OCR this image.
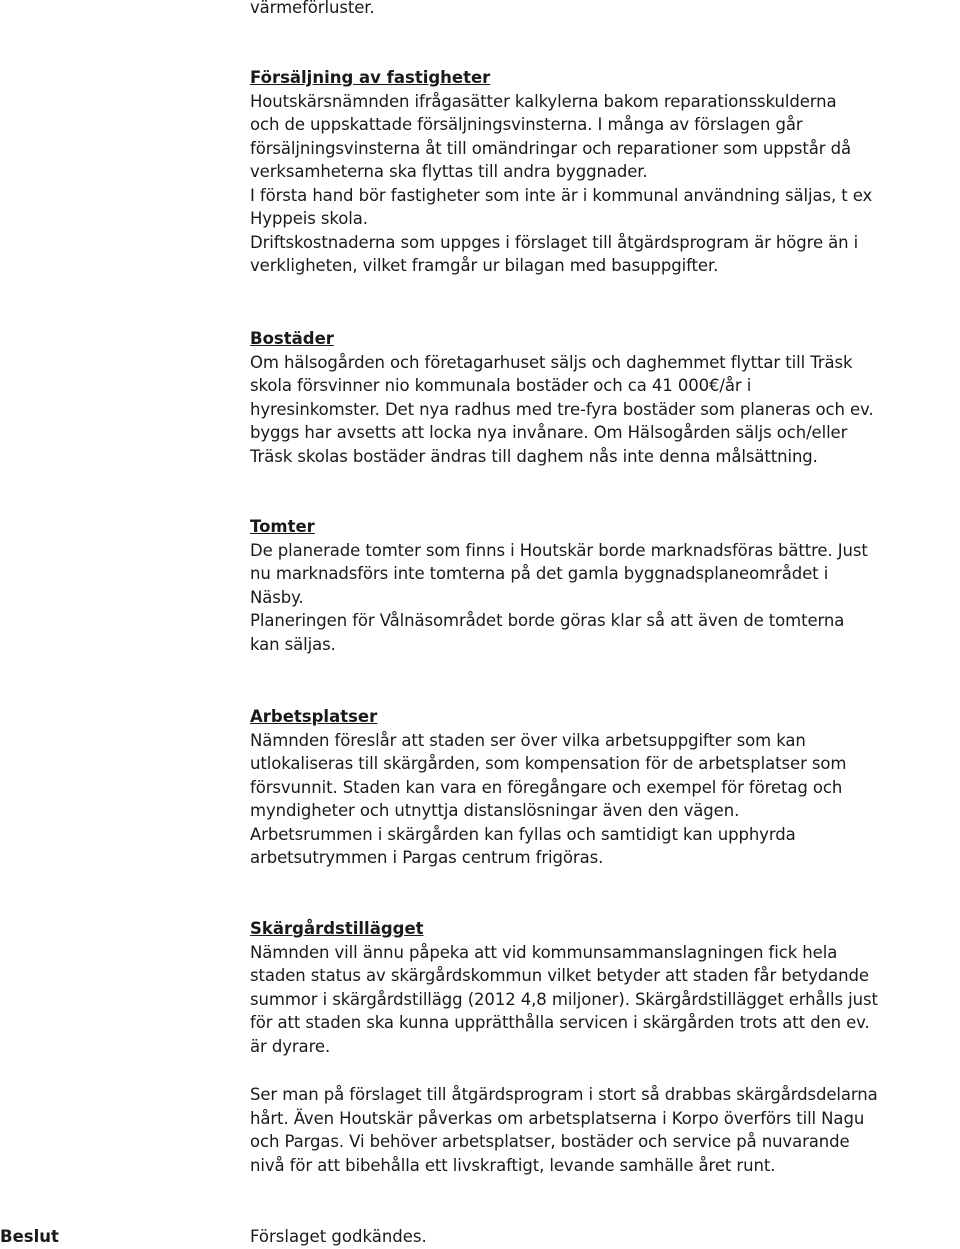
värmeförluster.
Försäljning av fastigheter
Houtskärsnämnden ifrågasätter kalkylerna bakom reparationsskulderna
och de uppskattade försäljningsvinsterna. I många av förslagen går
försäljningsvinsterna åt till omändringar och reparationer som uppstår då
verksamheterna ska flyttas till andra byggnader.
I första hand bör fastigheter som inte är i kommunal användning säljas, t ex
Hyppeis skola.
Driftskostnaderna som uppges i förslaget till åtgärdsprogram är högre än i
verkligheten, vilket framgår ur bilagan med basuppgifter.
Bostäder
Om hälsogården och företagarhuset säljs och daghemmet flyttar till Träsk
skola försvinner nio kommunala bostäder och ca 41 000€/år i
hyresinkomster. Det nya radhus med tre-fyra bostäder som planeras och ev.
byggs har avsetts att locka nya invånare. Om Hälsogården säljs och/eller
Träsk skolas bostäder ändras till daghem nås inte denna målsättning.
Tomter
De planerade tomter som finns i Houtskär borde marknadsföras bättre. Just
nu marknadsförs inte tomterna på det gamla byggnadsplaneområdet i
Näsby.
Planeringen för Vålnäsområdet borde göras klar så att även de tomterna
kan säljas.
Arbetsplatser
Nämnden föreslår att staden ser över vilka arbetsuppgifter som kan
utlokaliseras till skärgården, som kompensation för de arbetsplatser som
försvunnit. Staden kan vara en föregångare och exempel för företag och
myndigheter och utnyttja distanslösningar även den vägen.
Arbetsrummen i skärgården kan fyllas och samtidigt kan upphyrda
arbetsutrymmen i Pargas centrum frigöras.
Skärgårdstillägget
Nämnden vill ännu påpeka att vid kommunsammanslagningen fick hela
staden status av skärgårdskommun vilket betyder att staden får betydande
summor i skärgårdstillägg (2012 4,8 miljoner). Skärgårdstillägget erhålls just
för att staden ska kunna upprätthålla servicen i skärgården trots att den ev.
är dyrare.
Ser man på förslaget till åtgärdsprogram i stort så drabbas skärgårdsdelarna
hårt. Även Houtskär påverkas om arbetsplatserna i Korpo överförs till Nagu
och Pargas. Vi behöver arbetsplatser, bostäder och service på nuvarande
nivå för att bibehålla ett livskraftigt, levande samhälle året runt.
Beslut	Förslaget godkändes.
